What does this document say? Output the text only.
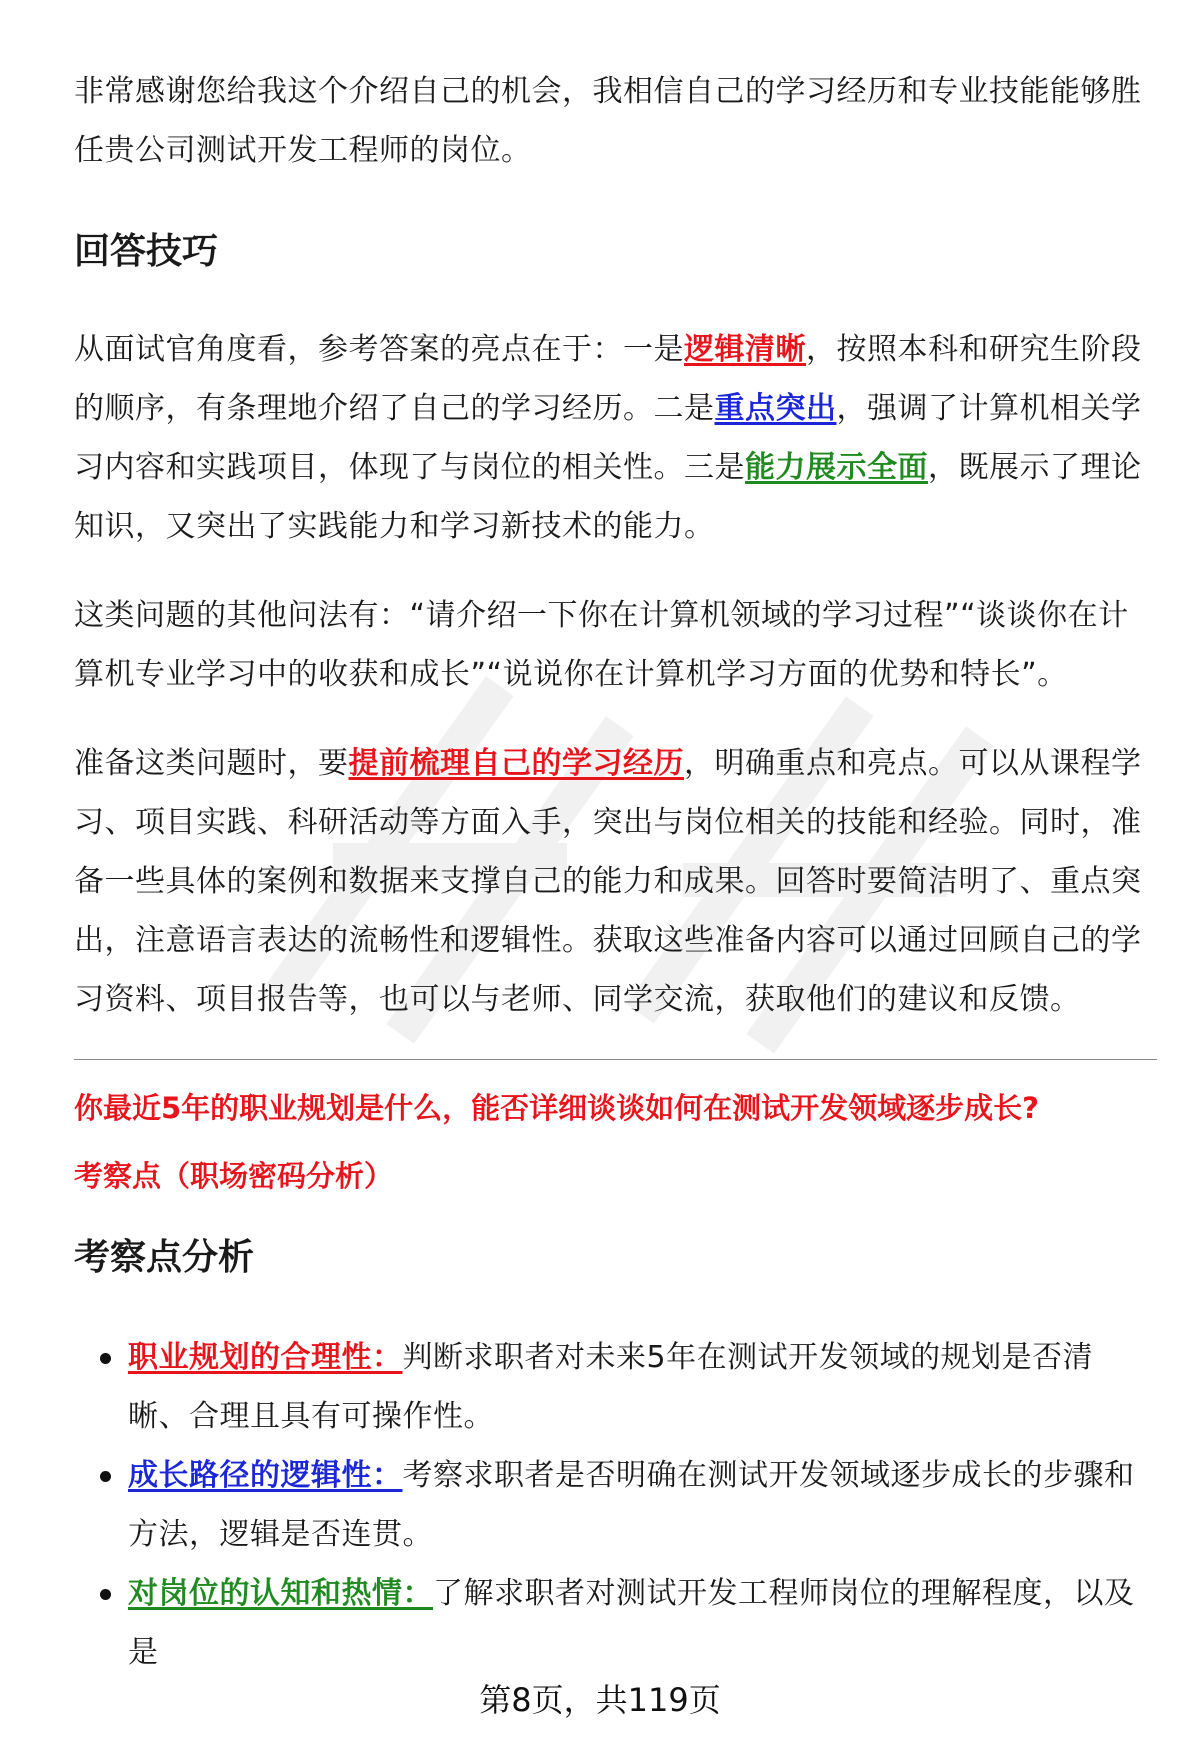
非常感谢您给我这个介绍自己的机会，我相信自己的学习经历和专业技能能够胜任贵公司测试开发工程师的岗位。

回答技巧

从面试官角度看，参考答案的亮点在于：一是逻辑清晰，按照本科和研究生阶段的顺序，有条理地介绍了自己的学习经历。二是重点突出，强调了计算机相关学习内容和实践项目，体现了与岗位的相关性。三是能力展示全面，既展示了理论知识，又突出了实践能力和学习新技术的能力。

这类问题的其他问法有：“请介绍一下你在计算机领域的学习过程”“谈谈你在计算机专业学习中的收获和成长”“说说你在计算机学习方面的优势和特长”。

准备这类问题时，要提前梳理自己的学习经历，明确重点和亮点。可以从课程学习、项目实践、科研活动等方面入手，突出与岗位相关的技能和经验。同时，准备一些具体的案例和数据来支撑自己的能力和成果。回答时要简洁明了、重点突出，注意语言表达的流畅性和逻辑性。获取这些准备内容可以通过回顾自己的学习资料、项目报告等，也可以与老师、同学交流，获取他们的建议和反馈。

你最近5年的职业规划是什么，能否详细谈谈如何在测试开发领域逐步成长?

考察点（职场密码分析）

考察点分析
职业规划的合理性：判断求职者对未来5年在测试开发领域的规划是否清晰、合理且具有可操作性。
成长路径的逻辑性：考察求职者是否明确在测试开发领域逐步成长的步骤和方法，逻辑是否连贯。
对岗位的认知和热情：了解求职者对测试开发工程师岗位的理解程度，以及是
第8页，共119页
